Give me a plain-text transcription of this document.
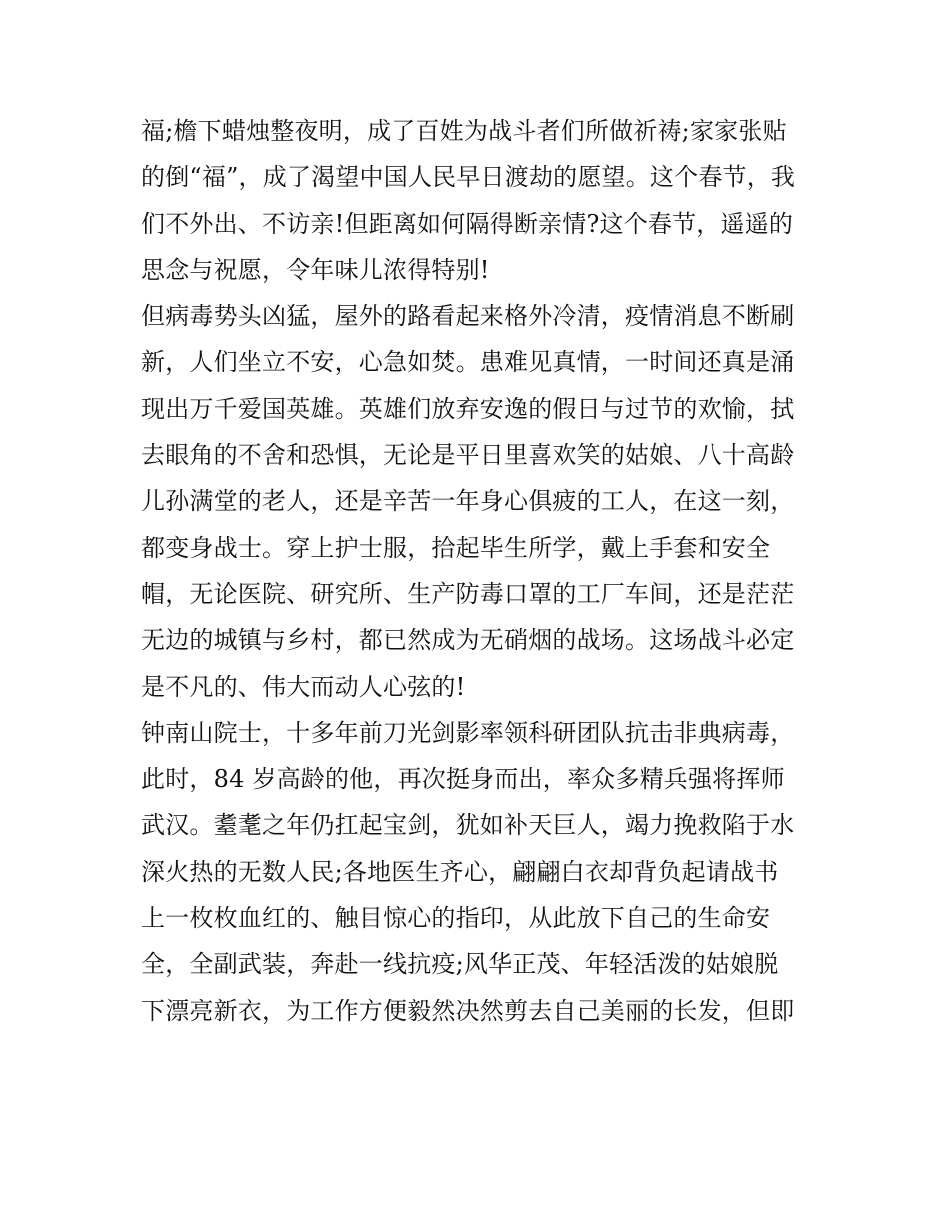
福;檐下蜡烛整夜明，成了百姓为战斗者们所做祈祷;家家张贴
的倒“福”，成了渴望中国人民早日渡劫的愿望。这个春节，我
们不外出、不访亲!但距离如何隔得断亲情?这个春节，遥遥的
思念与祝愿，令年味儿浓得特别!
但病毒势头凶猛，屋外的路看起来格外冷清，疫情消息不断刷
新，人们坐立不安，心急如焚。患难见真情，一时间还真是涌
现出万千爱国英雄。英雄们放弃安逸的假日与过节的欢愉，拭
去眼角的不舍和恐惧，无论是平日里喜欢笑的姑娘、八十高龄
儿孙满堂的老人，还是辛苦一年身心俱疲的工人，在这一刻，
都变身战士。穿上护士服，拾起毕生所学，戴上手套和安全
帽，无论医院、研究所、生产防毒口罩的工厂车间，还是茫茫
无边的城镇与乡村，都已然成为无硝烟的战场。这场战斗必定
是不凡的、伟大而动人心弦的!
钟南山院士，十多年前刀光剑影率领科研团队抗击非典病毒，
此时，84 岁高龄的他，再次挺身而出，率众多精兵强将挥师
武汉。耋耄之年仍扛起宝剑，犹如补天巨人，竭力挽救陷于水
深火热的无数人民;各地医生齐心，翩翩白衣却背负起请战书
上一枚枚血红的、触目惊心的指印，从此放下自己的生命安
全，全副武装，奔赴一线抗疫;风华正茂、年轻活泼的姑娘脱
下漂亮新衣，为工作方便毅然决然剪去自己美丽的长发，但即
